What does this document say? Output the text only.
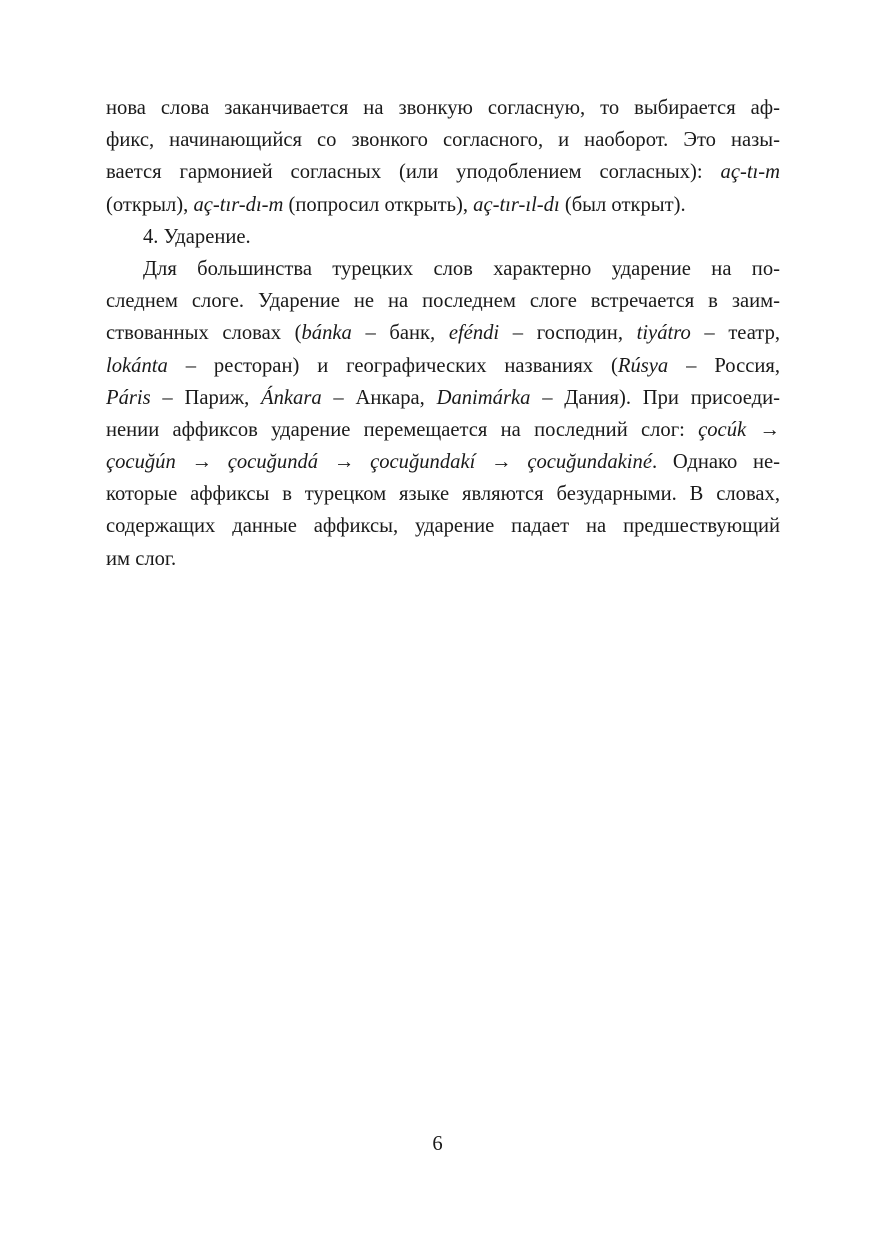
нова слова заканчивается на звонкую согласную, то выбирается аф-
фикс, начинающийся со звонкого согласного, и наоборот. Это назы-
вается гармонией согласных (или уподоблением согласных): aç-tı-m
(открыл), aç-tır-dı-m (попросил открыть), aç-tır-ıl-dı (был открыт).
4. Ударение.
Для большинства турецких слов характерно ударение на по-
следнем слоге. Ударение не на последнем слоге встречается в заим-
ствованных словах (bánka – банк, eféndi – господин, tiyátro – театр,
lokánta – ресторан) и географических названиях (Rúsya – Россия,
Páris – Париж, Ánkara – Анкара, Danimárka – Дания). При присоеди-
нении аффиксов ударение перемещается на последний слог: çocúk →
çocuğún → çocuğundá → çocuğundakí → çocuğundakiné. Однако не-
которые аффиксы в турецком языке являются безударными. В словах,
содержащих данные аффиксы, ударение падает на предшествующий
им слог.
6
